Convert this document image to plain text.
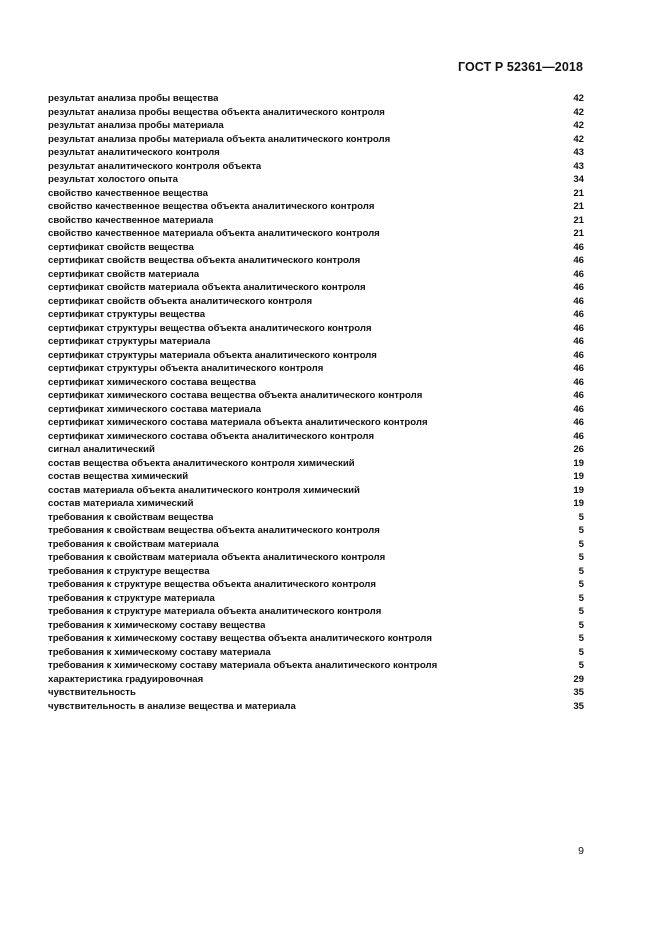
ГОСТ Р 52361—2018
результат анализа пробы вещества	42
результат анализа пробы вещества объекта аналитического контроля	42
результат анализа пробы материала	42
результат анализа пробы материала объекта аналитического контроля	42
результат аналитического контроля	43
результат аналитического контроля объекта	43
результат холостого опыта	34
свойство качественное вещества	21
свойство качественное вещества объекта аналитического контроля	21
свойство качественное материала	21
свойство качественное материала объекта аналитического контроля	21
сертификат свойств вещества	46
сертификат свойств вещества объекта аналитического контроля	46
сертификат свойств материала	46
сертификат свойств материала объекта аналитического контроля	46
сертификат свойств объекта аналитического контроля	46
сертификат структуры вещества	46
сертификат структуры вещества объекта аналитического контроля	46
сертификат структуры материала	46
сертификат структуры материала объекта аналитического контроля	46
сертификат структуры объекта аналитического контроля	46
сертификат химического состава вещества	46
сертификат химического состава вещества объекта аналитического контроля	46
сертификат химического состава материала	46
сертификат химического состава материала объекта аналитического контроля	46
сертификат химического состава объекта аналитического контроля	46
сигнал аналитический	26
состав вещества объекта аналитического контроля химический	19
состав вещества химический	19
состав материала объекта аналитического контроля химический	19
состав материала химический	19
требования к свойствам вещества	5
требования к свойствам вещества объекта аналитического контроля	5
требования к свойствам материала	5
требования к свойствам материала объекта аналитического контроля	5
требования к структуре вещества	5
требования к структуре вещества объекта аналитического контроля	5
требования к структуре материала	5
требования к структуре материала объекта аналитического контроля	5
требования к химическому составу вещества	5
требования к химическому составу вещества объекта аналитического контроля	5
требования к химическому составу материала	5
требования к химическому составу материала объекта аналитического контроля	5
характеристика градуировочная	29
чувствительность	35
чувствительность в анализе вещества и материала	35
9
